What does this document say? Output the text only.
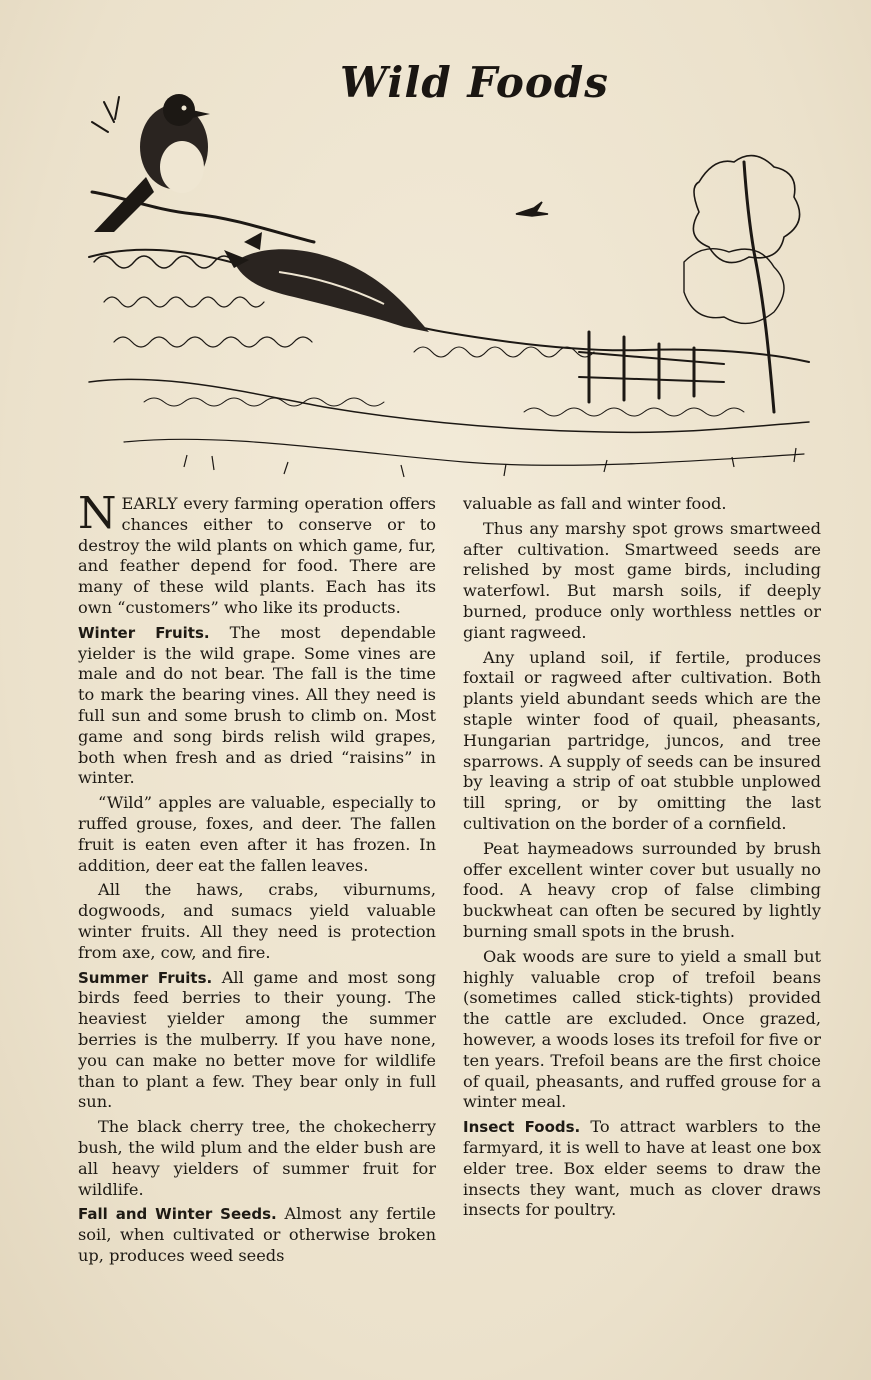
Wild Foods

NEARLY every farming operation offers chances either to conserve or to destroy the wild plants on which game, fur, and feather depend for food. There are many of these wild plants. Each has its own “customers” who like its products.

Winter Fruits. The most dependable yielder is the wild grape. Some vines are male and do not bear. The fall is the time to mark the bearing vines. All they need is full sun and some brush to climb on. Most game and song birds relish wild grapes, both when fresh and as dried “raisins” in winter.

“Wild” apples are valuable, especially to ruffed grouse, foxes, and deer. The fallen fruit is eaten even after it has frozen. In addition, deer eat the fallen leaves.

All the haws, crabs, viburnums, dogwoods, and sumacs yield valuable winter fruits. All they need is protection from axe, cow, and fire.

Summer Fruits. All game and most song birds feed berries to their young. The heaviest yielder among the summer berries is the mulberry. If you have none, you can make no better move for wildlife than to plant a few. They bear only in full sun.

The black cherry tree, the chokecherry bush, the wild plum and the elder bush are all heavy yielders of summer fruit for wildlife.

Fall and Winter Seeds. Almost any fertile soil, when cultivated or otherwise broken up, produces weed seeds

valuable as fall and winter food.

Thus any marshy spot grows smartweed after cultivation. Smartweed seeds are relished by most game birds, including waterfowl. But marsh soils, if deeply burned, produce only worthless nettles or giant ragweed.

Any upland soil, if fertile, produces foxtail or ragweed after cultivation. Both plants yield abundant seeds which are the staple winter food of quail, pheasants, Hungarian partridge, juncos, and tree sparrows. A supply of seeds can be insured by leaving a strip of oat stubble unplowed till spring, or by omitting the last cultivation on the border of a cornfield.

Peat haymeadows surrounded by brush offer excellent winter cover but usually no food. A heavy crop of false climbing buckwheat can often be secured by lightly burning small spots in the brush.

Oak woods are sure to yield a small but highly valuable crop of trefoil beans (sometimes called stick-tights) provided the cattle are excluded. Once grazed, however, a woods loses its trefoil for five or ten years. Trefoil beans are the first choice of quail, pheasants, and ruffed grouse for a winter meal.

Insect Foods. To attract warblers to the farmyard, it is well to have at least one box elder tree. Box elder seems to draw the insects they want, much as clover draws insects for poultry.
